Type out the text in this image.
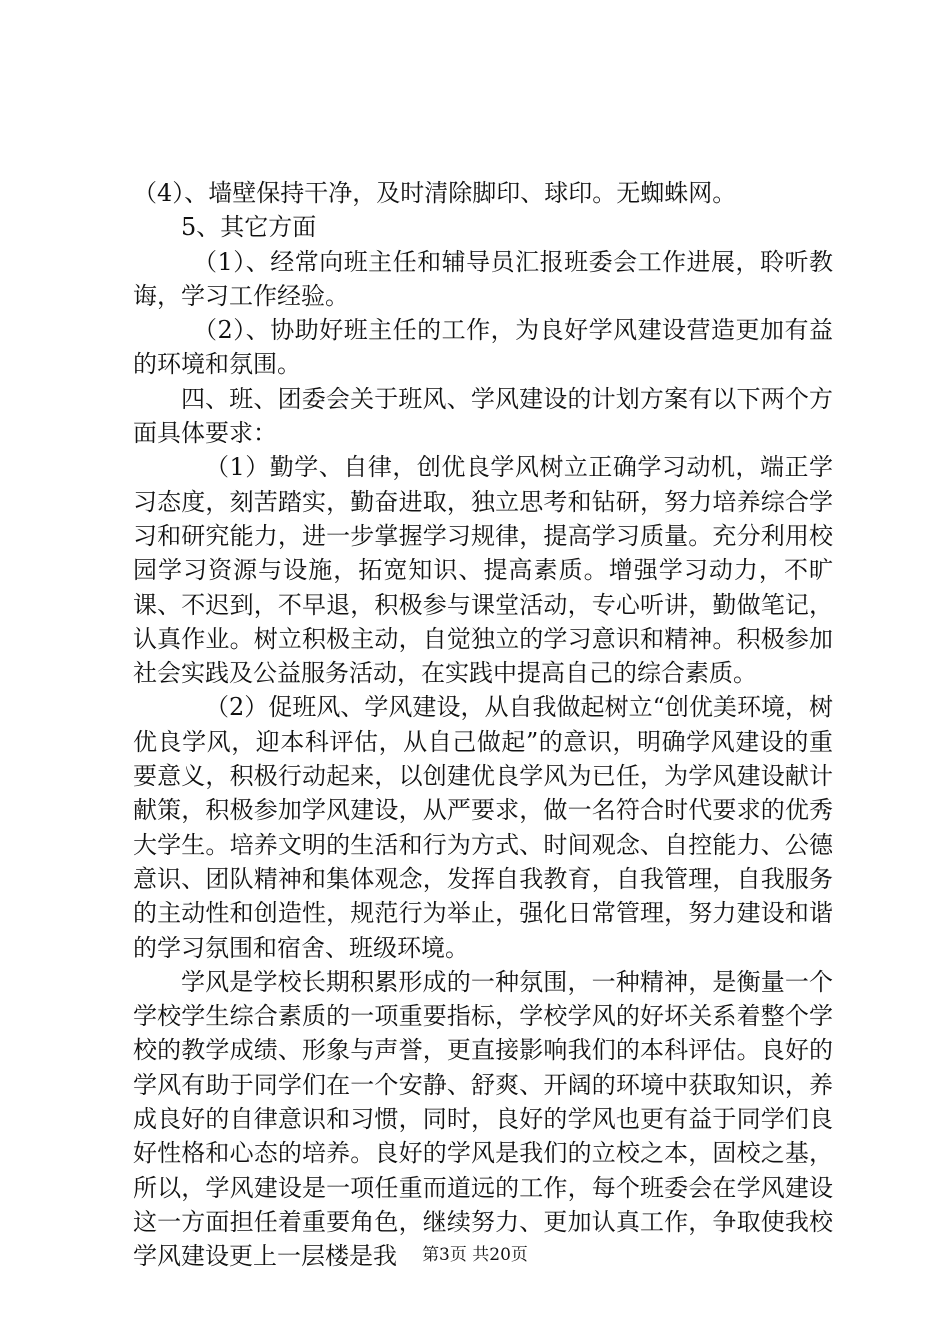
（4）、墙壁保持干净，及时清除脚印、球印。无蜘蛛网。

5、其它方面

（1）、经常向班主任和辅导员汇报班委会工作进展，聆听教诲，学习工作经验。

（2）、协助好班主任的工作，为良好学风建设营造更加有益的环境和氛围。

四、班、团委会关于班风、学风建设的计划方案有以下两个方面具体要求：

（1）勤学、自律，创优良学风树立正确学习动机，端正学习态度，刻苦踏实，勤奋进取，独立思考和钻研，努力培养综合学习和研究能力，进一步掌握学习规律，提高学习质量。充分利用校园学习资源与设施，拓宽知识、提高素质。增强学习动力，不旷课、不迟到，不早退，积极参与课堂活动，专心听讲，勤做笔记，认真作业。树立积极主动，自觉独立的学习意识和精神。积极参加社会实践及公益服务活动，在实践中提高自己的综合素质。

（2）促班风、学风建设，从自我做起树立“创优美环境，树优良学风，迎本科评估，从自己做起”的意识，明确学风建设的重要意义，积极行动起来，以创建优良学风为已任，为学风建设献计献策，积极参加学风建设，从严要求，做一名符合时代要求的优秀大学生。培养文明的生活和行为方式、时间观念、自控能力、公德意识、团队精神和集体观念，发挥自我教育，自我管理，自我服务的主动性和创造性，规范行为举止，强化日常管理，努力建设和谐的学习氛围和宿舍、班级环境。

学风是学校长期积累形成的一种氛围，一种精神，是衡量一个学校学生综合素质的一项重要指标，学校学风的好坏关系着整个学校的教学成绩、形象与声誉，更直接影响我们的本科评估。良好的学风有助于同学们在一个安静、舒爽、开阔的环境中获取知识，养成良好的自律意识和习惯，同时，良好的学风也更有益于同学们良好性格和心态的培养。良好的学风是我们的立校之本，固校之基，所以，学风建设是一项任重而道远的工作，每个班委会在学风建设这一方面担任着重要角色，继续努力、更加认真工作，争取使我校学风建设更上一层楼是我	第3页 共20页
